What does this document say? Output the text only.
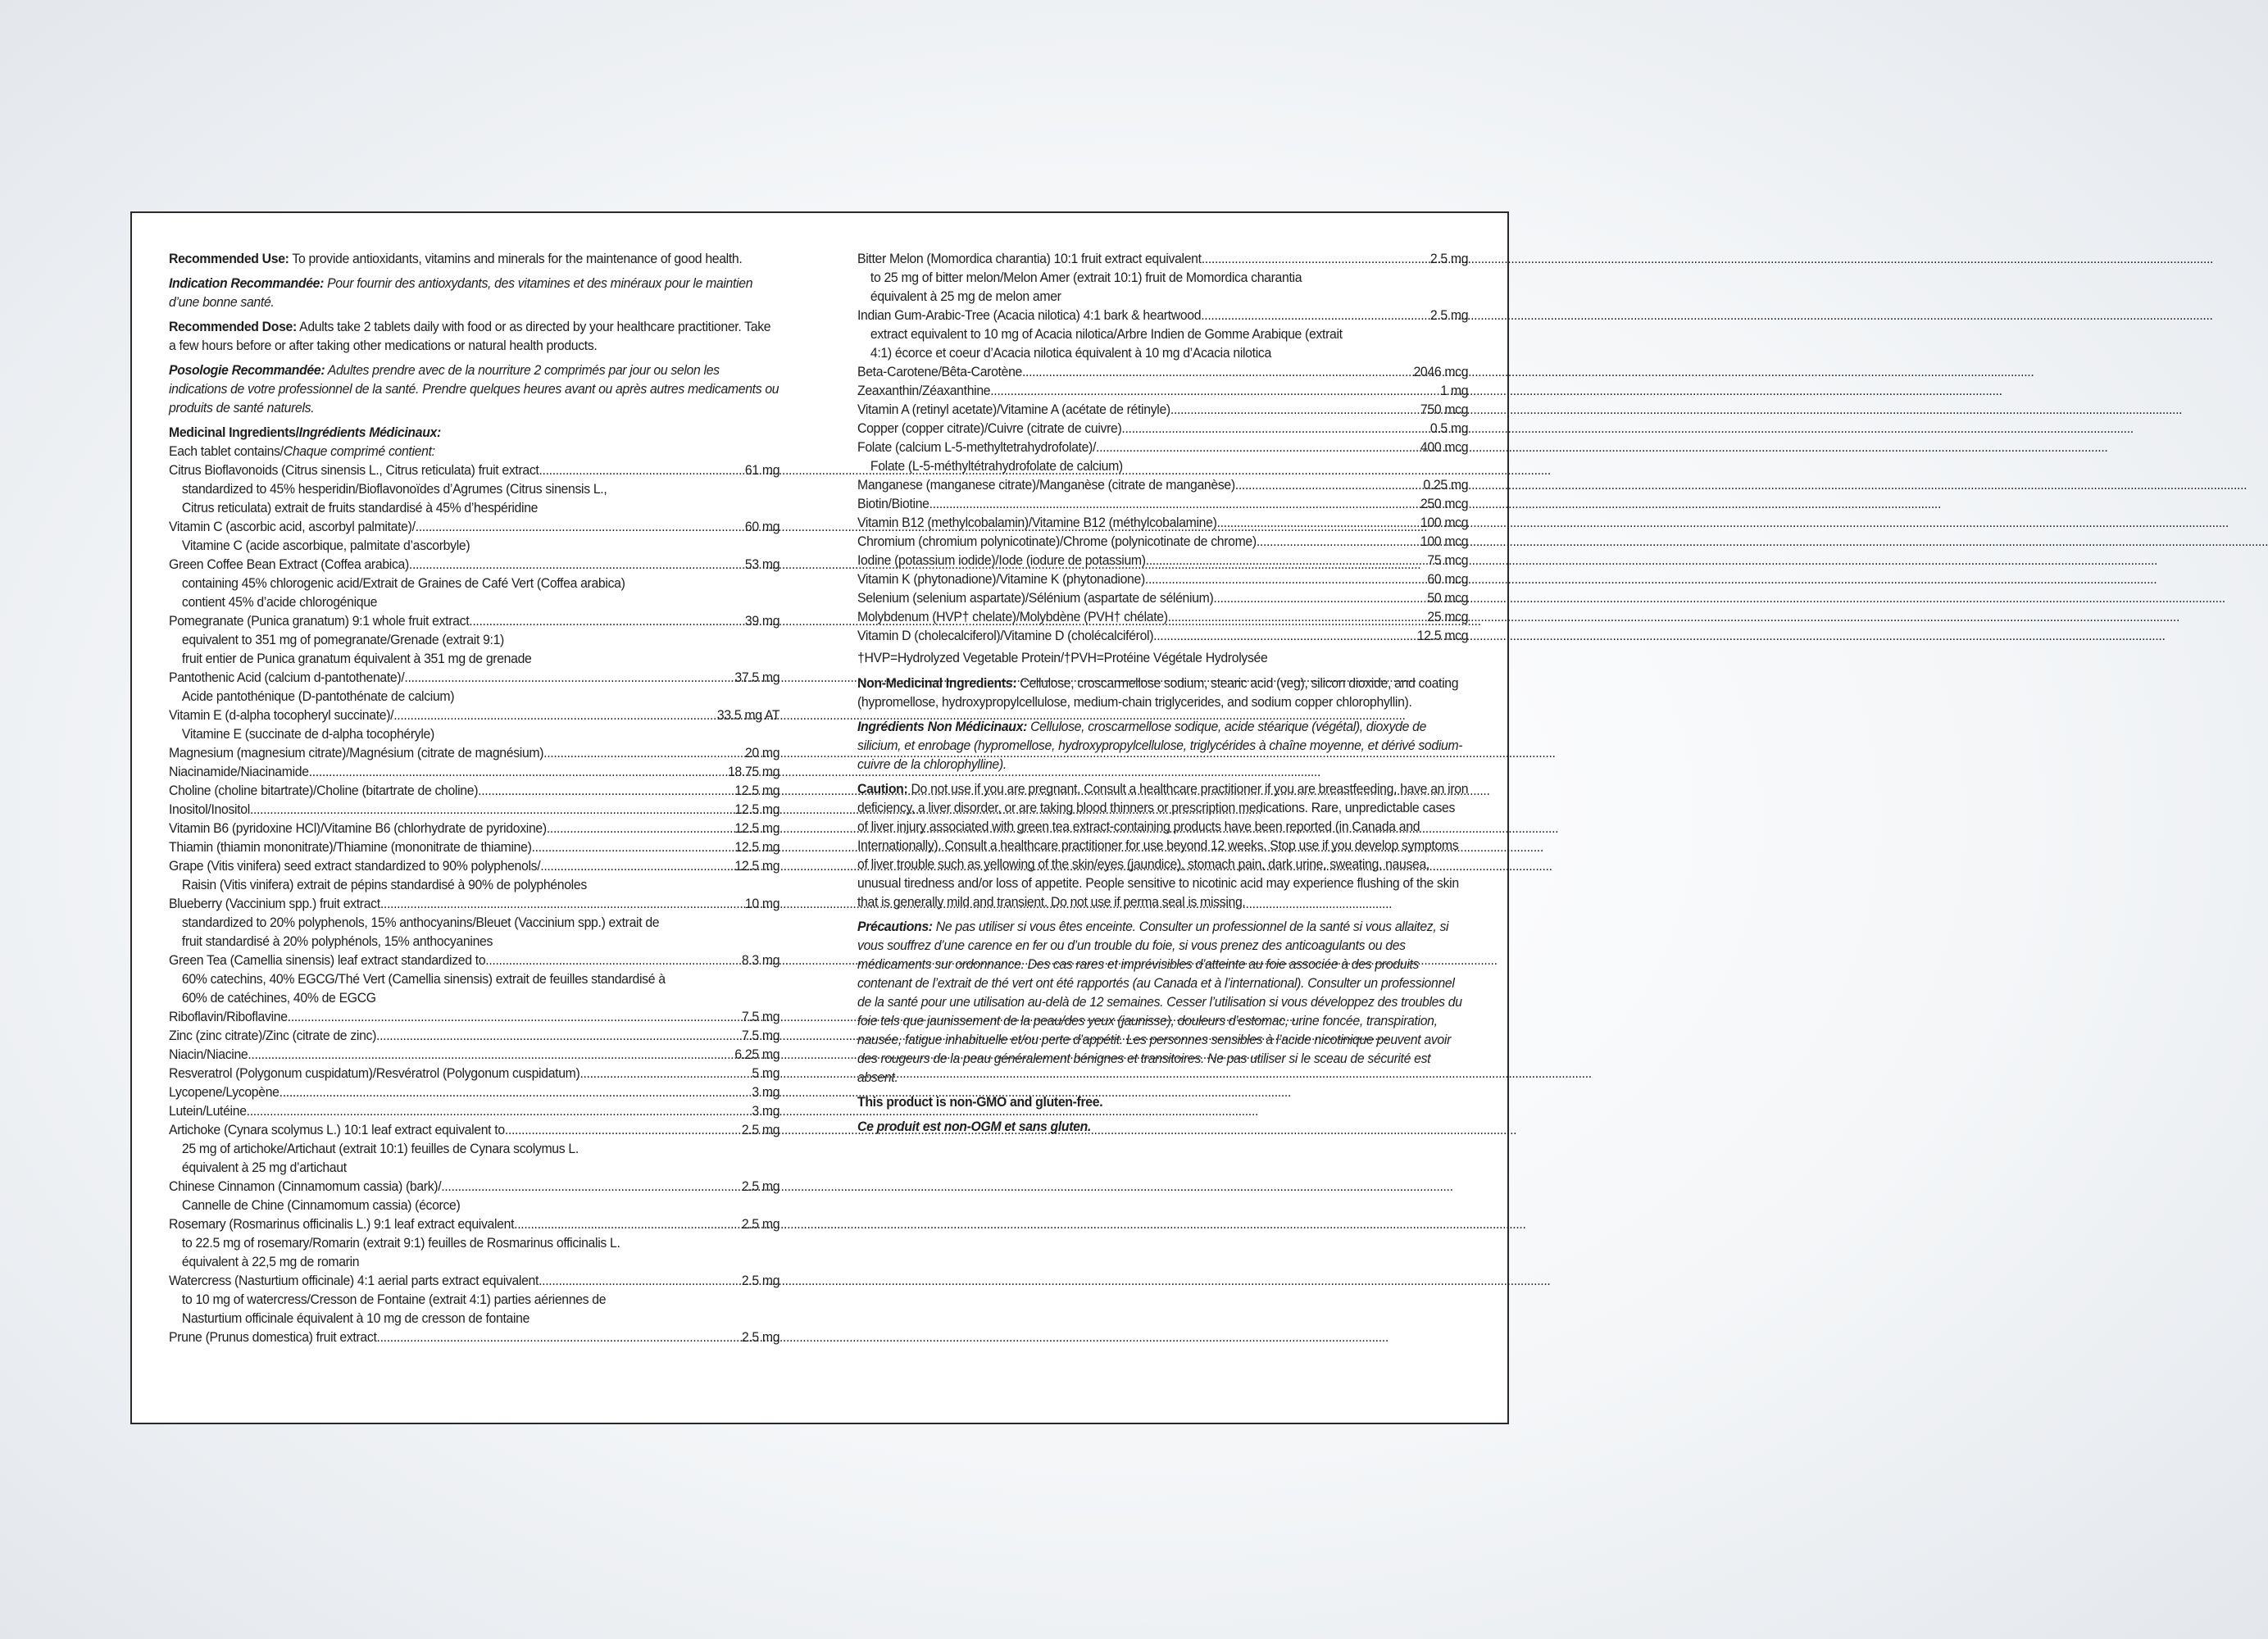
Recommended Use: To provide antioxidants, vitamins and minerals for the maintenance of good health.

Indication Recommandée: Pour fournir des antioxydants, des vitamines et des minéraux pour le maintien d’une bonne santé.

Recommended Dose: Adults take 2 tablets daily with food or as directed by your healthcare practitioner. Take a few hours before or after taking other medications or natural health products.

Posologie Recommandée: Adultes prendre avec de la nourriture 2 comprimés par jour ou selon les indications de votre professionnel de la santé. Prendre quelques heures avant ou après autres medicaments ou produits de santé naturels.

Medicinal Ingredients/Ingrédients Médicinaux:
Each tablet contains/Chaque comprimé contient:
Citrus Bioflavonoids (Citrus sinensis L., Citrus reticulata) fruit extract .....	61 mg
standardized to 45% hesperidin/Bioflavonoïdes d’Agrumes (Citrus sinensis L.,
Citrus reticulata) extrait de fruits standardisé à 45% d’hespéridine
Vitamin C (ascorbic acid, ascorbyl palmitate)/ .....	60 mg
Vitamine C (acide ascorbique, palmitate d’ascorbyle)
Green Coffee Bean Extract (Coffea arabica) .....	53 mg
containing 45% chlorogenic acid/Extrait de Graines de Café Vert (Coffea arabica)
contient 45% d’acide chlorogénique
Pomegranate (Punica granatum) 9:1 whole fruit extract .....	39 mg
equivalent to 351 mg of pomegranate/Grenade (extrait 9:1)
fruit entier de Punica granatum équivalent à 351 mg de grenade
Pantothenic Acid (calcium d-pantothenate)/ .....	37.5 mg
Acide pantothénique (D-pantothénate de calcium)
Vitamin E (d-alpha tocopheryl succinate)/ .....	33.5 mg AT
Vitamine E (succinate de d-alpha tocophéryle)
Magnesium (magnesium citrate)/Magnésium (citrate de magnésium) .....	20 mg
Niacinamide/Niacinamide .....	18.75 mg
Choline (choline bitartrate)/Choline (bitartrate de choline) .....	12.5 mg
Inositol/Inositol .....	12.5 mg
Vitamin B6 (pyridoxine HCl)/Vitamine B6 (chlorhydrate de pyridoxine) .....	12.5 mg
Thiamin (thiamin mononitrate)/Thiamine (mononitrate de thiamine) .....	12.5 mg
Grape (Vitis vinifera) seed extract standardized to 90% polyphenols/ .....	12.5 mg
Raisin (Vitis vinifera) extrait de pépins standardisé à 90% de polyphénoles
Blueberry (Vaccinium spp.) fruit extract .....	10 mg
standardized to 20% polyphenols, 15% anthocyanins/Bleuet (Vaccinium spp.) extrait de
fruit standardisé à 20% polyphénols, 15% anthocyanines
Green Tea (Camellia sinensis) leaf extract standardized to .....	8.3 mg
60% catechins, 40% EGCG/Thé Vert (Camellia sinensis) extrait de feuilles standardisé à
60% de catéchines, 40% de EGCG
Riboflavin/Riboflavine .....	7.5 mg
Zinc (zinc citrate)/Zinc (citrate de zinc) .....	7.5 mg
Niacin/Niacine .....	6.25 mg
Resveratrol (Polygonum cuspidatum)/Resvératrol (Polygonum cuspidatum) .....	5 mg
Lycopene/Lycopène .....	3 mg
Lutein/Lutéine .....	3 mg
Artichoke (Cynara scolymus L.) 10:1 leaf extract equivalent to .....	2.5 mg
25 mg of artichoke/Artichaut (extrait 10:1) feuilles de Cynara scolymus L.
équivalent à 25 mg d’artichaut
Chinese Cinnamon (Cinnamomum cassia) (bark)/ .....	2.5 mg
Cannelle de Chine (Cinnamomum cassia) (écorce)
Rosemary (Rosmarinus officinalis L.) 9:1 leaf extract equivalent .....	2.5 mg
to 22.5 mg of rosemary/Romarin (extrait 9:1) feuilles de Rosmarinus officinalis L.
équivalent à 22,5 mg de romarin
Watercress (Nasturtium officinale) 4:1 aerial parts extract equivalent .....	2.5 mg
to 10 mg of watercress/Cresson de Fontaine (extrait 4:1) parties aériennes de
Nasturtium officinale équivalent à 10 mg de cresson de fontaine
Prune (Prunus domestica) fruit extract .....	2.5 mg
Bitter Melon (Momordica charantia) 10:1 fruit extract equivalent .....	2.5 mg
to 25 mg of bitter melon/Melon Amer (extrait 10:1) fruit de Momordica charantia
équivalent à 25 mg de melon amer
Indian Gum-Arabic-Tree (Acacia nilotica) 4:1 bark & heartwood .....	2.5 mg
extract equivalent to 10 mg of Acacia nilotica/Arbre Indien de Gomme Arabique (extrait
4:1) écorce et coeur d’Acacia nilotica équivalent à 10 mg d’Acacia nilotica
Beta-Carotene/Bêta-Carotène .....	2046 mcg
Zeaxanthin/Zéaxanthine .....	1 mg
Vitamin A (retinyl acetate)/Vitamine A (acétate de rétinyle) .....	750 mcg
Copper (copper citrate)/Cuivre (citrate de cuivre) .....	0.5 mg
Folate (calcium L-5-methyltetrahydrofolate)/ .....	400 mcg
Folate (L-5-méthyltétrahydrofolate de calcium)
Manganese (manganese citrate)/Manganèse (citrate de manganèse) .....	0.25 mg
Biotin/Biotine .....	250 mcg
Vitamin B12 (methylcobalamin)/Vitamine B12 (méthylcobalamine) .....	100 mcg
Chromium (chromium polynicotinate)/Chrome (polynicotinate de chrome) .....	100 mcg
Iodine (potassium iodide)/Iode (iodure de potassium) .....	75 mcg
Vitamin K (phytonadione)/Vitamine K (phytonadione) .....	60 mcg
Selenium (selenium aspartate)/Sélénium (aspartate de sélénium) .....	50 mcg
Molybdenum (HVP† chelate)/Molybdène (PVH† chélate) .....	25 mcg
Vitamin D (cholecalciferol)/Vitamine D (cholécalciférol) .....	12.5 mcg

†HVP=Hydrolyzed Vegetable Protein/†PVH=Protéine Végétale Hydrolysée

Non-Medicinal Ingredients: Cellulose, croscarmellose sodium, stearic acid (veg), silicon dioxide, and coating (hypromellose, hydroxypropylcellulose, medium-chain triglycerides, and sodium copper chlorophyllin).

Ingrédients Non Médicinaux: Cellulose, croscarmellose sodique, acide stéarique (végétal), dioxyde de silicium, et enrobage (hypromellose, hydroxypropylcellulose, triglycérides à chaîne moyenne, et dérivé sodium-cuivre de la chlorophylline).

Caution: Do not use if you are pregnant. Consult a healthcare practitioner if you are breastfeeding, have an iron deficiency, a liver disorder, or are taking blood thinners or prescription medications. Rare, unpredictable cases of liver injury associated with green tea extract-containing products have been reported (in Canada and Internationally). Consult a healthcare practitioner for use beyond 12 weeks. Stop use if you develop symptoms of liver trouble such as yellowing of the skin/eyes (jaundice), stomach pain, dark urine, sweating, nausea, unusual tiredness and/or loss of appetite. People sensitive to nicotinic acid may experience flushing of the skin that is generally mild and transient. Do not use if perma seal is missing.

Précautions: Ne pas utiliser si vous êtes enceinte. Consulter un professionnel de la santé si vous allaitez, si vous souffrez d’une carence en fer ou d’un trouble du foie, si vous prenez des anticoagulants ou des médicaments sur ordonnance. Des cas rares et imprévisibles d’atteinte au foie associée à des produits contenant de l’extrait de thé vert ont été rapportés (au Canada et à l’international). Consulter un professionnel de la santé pour une utilisation au-delà de 12 semaines. Cesser l’utilisation si vous développez des troubles du foie tels que jaunissement de la peau/des yeux (jaunisse), douleurs d’estomac, urine foncée, transpiration, nausée, fatigue inhabituelle et/ou perte d’appétit. Les personnes sensibles à l’acide nicotinique peuvent avoir des rougeurs de la peau généralement bénignes et transitoires. Ne pas utiliser si le sceau de sécurité est absent.

This product is non-GMO and gluten-free.

Ce produit est non-OGM et sans gluten.
